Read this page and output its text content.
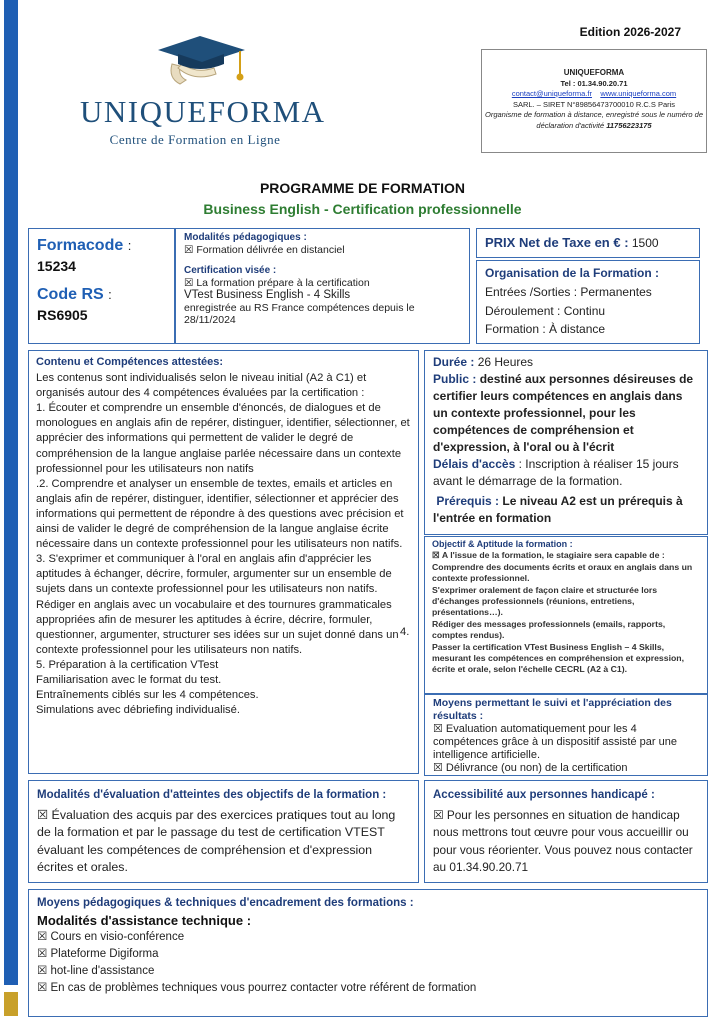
UNIQUEFORMA
Centre de Formation en Ligne
Edition 2026-2027
UNIQUEFORMA
Tel : 01.34.90.20.71
contact@uniqueforma.fr www.uniqueforma.com
SARL. – SIRET N°89856473700010 R.C.S Paris
Organisme de formation à distance, enregistré sous le numéro de
déclaration d'activité 11756223175
PROGRAMME DE FORMATION
Business English - Certification professionnelle
Formacode :
15234
Code RS :
RS6905
Modalités pédagogiques :
☒ Formation délivrée en distanciel
Certification visée :
☒ La formation prépare à la certification
VTest Business English - 4 Skills
enregistrée au RS France compétences depuis le 28/11/2024
PRIX Net de Taxe en € : 1500
Organisation de la Formation :
Entrées /Sorties : Permanentes
Déroulement : Continu
Formation : À distance
Contenu et Compétences attestées:

Les contenus sont individualisés selon le niveau initial (A2 à C1) et organisés autour des 4 compétences évaluées par la certification :

1. Écouter et comprendre un ensemble d'énoncés, de dialogues et de monologues en anglais afin de repérer, distinguer, identifier, sélectionner, et apprécier des informations qui permettent de valider le degré de compréhension de la langue anglaise parlée nécessaire dans un contexte professionnel pour les utilisateurs non natifs

.2. Comprendre et analyser un ensemble de textes, emails et articles en anglais afin de repérer, distinguer, identifier, sélectionner et apprécier des informations qui permettent de répondre à des questions avec précision et ainsi de valider le degré de compréhension de la langue anglaise écrite nécessaire dans un contexte professionnel pour les utilisateurs non natifs.

3. S'exprimer et communiquer à l'oral en anglais afin d'apprécier les aptitudes à échanger, décrire, formuler, argumenter sur un ensemble de sujets dans un contexte professionnel pour les utilisateurs non natifs.

Rédiger en anglais avec un vocabulaire et des tournures grammaticales appropriées afin de mesurer les aptitudes à écrire, décrire, formuler, questionner, argumenter, structurer ses idées sur un sujet donné dans un contexte professionnel pour les utilisateurs non natifs.

5. Préparation à la certification VTest

Familiarisation avec le format du test.

Entraînements ciblés sur les 4 compétences.

Simulations avec débriefing individualisé.

4.
Durée : 26 Heures
Public : destiné aux personnes désireuses de certifier leurs compétences en anglais dans un contexte professionnel, pour les compétences de compréhension et d'expression, à l'oral ou à l'écrit
Délais d'accès : Inscription à réaliser 15 jours avant le démarrage de la formation.
Prérequis : Le niveau A2 est un prérequis à l'entrée en formation
Objectif & Aptitude la formation :
☒ A l'issue de la formation, le stagiaire sera capable de :
Comprendre des documents écrits et oraux en anglais dans un contexte professionnel.
S'exprimer oralement de façon claire et structurée lors d'échanges professionnels (réunions, entretiens, présentations…).
Rédiger des messages professionnels (emails, rapports, comptes rendus).
Passer la certification VTest Business English – 4 Skills, mesurant les compétences en compréhension et expression, écrite et orale, selon l'échelle CECRL (A2 à C1).
Moyens permettant le suivi et l'appréciation des résultats :
☒ Evaluation automatiquement pour les 4 compétences grâce à un dispositif assisté par une intelligence artificielle.
☒ Délivrance (ou non) de la certification
Modalités d'évaluation d'atteintes des objectifs de la formation :
☒ Évaluation des acquis par des exercices pratiques tout au long de la formation et par le passage du test de certification VTEST évaluant les compétences de compréhension et d'expression écrites et orales.
Accessibilité aux personnes handicapé :
☒ Pour les personnes en situation de handicap nous mettrons tout œuvre pour vous accueillir ou pour vous réorienter. Vous pouvez nous contacter au 01.34.90.20.71
Moyens pédagogiques & techniques d'encadrement des formations :
Modalités d'assistance technique :
☒ Cours en visio-conférence
☒ Plateforme Digiforma
☒ hot-line d'assistance
☒ En cas de problèmes techniques vous pourrez contacter votre référent de formation
